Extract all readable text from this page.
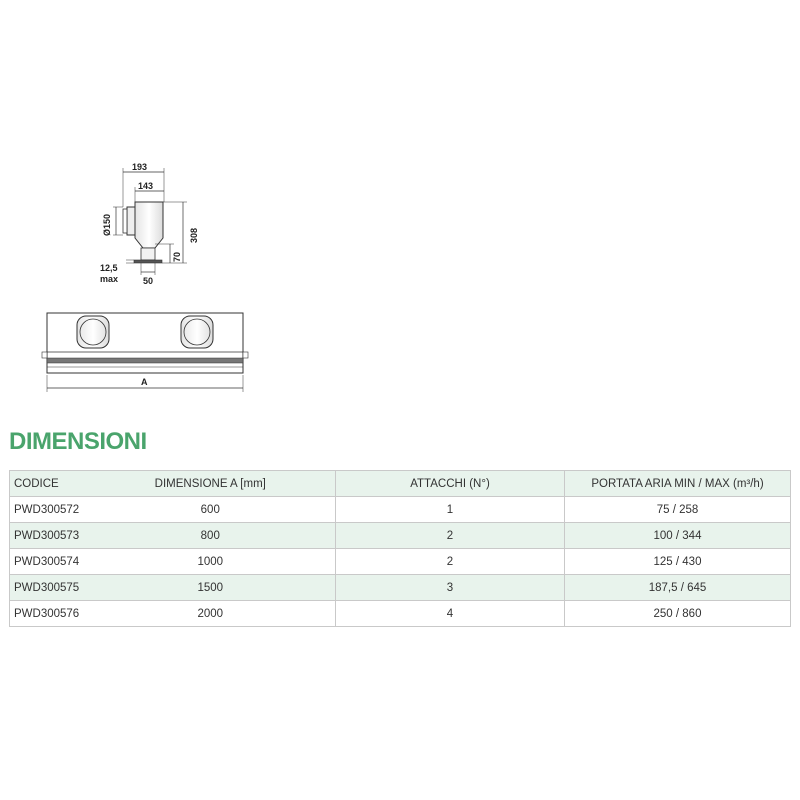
193
143
Ø150	308
70
12,5
max	50
A
DIMENSIONI
CODICE	DIMENSIONE A [mm]	ATTACCHI (N°)	PORTATA ARIA MIN / MAX (m³/h)
PWD300572	600	1	75 / 258
PWD300573	800	2	100 / 344
PWD300574	1000	2	125 / 430
PWD300575	1500	3	187,5 / 645
PWD300576	2000	4	250 / 860
